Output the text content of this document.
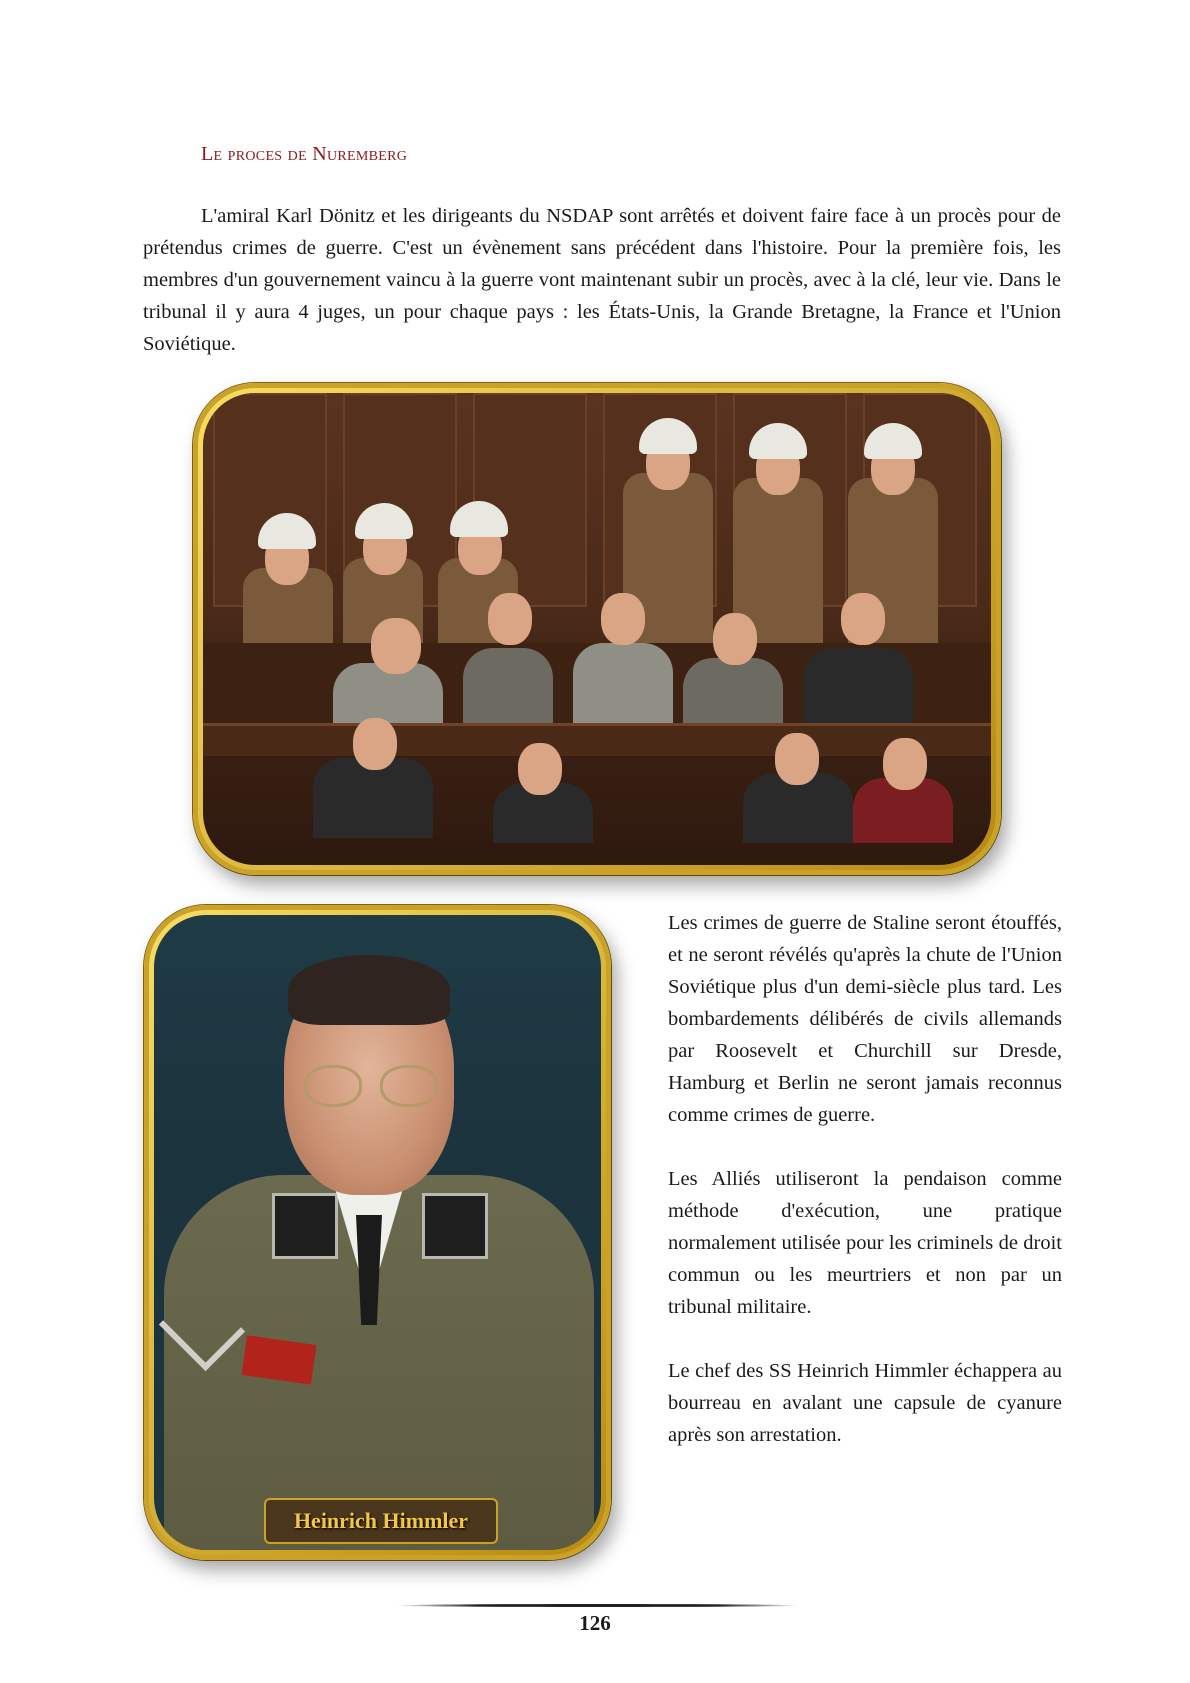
Le proces de Nuremberg

L'amiral Karl Dönitz et les dirigeants du NSDAP sont arrêtés et doivent faire face à un procès pour de prétendus crimes de guerre. C'est un évènement sans précédent dans l'histoire. Pour la première fois, les membres d'un gouvernement vaincu à la guerre vont maintenant subir un procès, avec à la clé, leur vie. Dans le tribunal il y aura 4 juges, un pour chaque pays : les États-Unis, la Grande Bretagne, la France et l'Union Soviétique.

Heinrich Himmler

Les crimes de guerre de Staline seront étouffés, et ne seront révélés qu'après la chute de l'Union Soviétique plus d'un demi-siècle plus tard. Les bombardements délibérés de civils allemands par Roosevelt et Churchill sur Dresde, Hamburg et Berlin ne seront jamais reconnus comme crimes de guerre.

Les Alliés utiliseront la pendaison comme méthode d'exécution, une pratique normalement utilisée pour les criminels de droit commun ou les meurtriers et non par un tribunal militaire.

Le chef des SS Heinrich Himmler échappera au bourreau en avalant une capsule de cyanure après son arrestation.

126
